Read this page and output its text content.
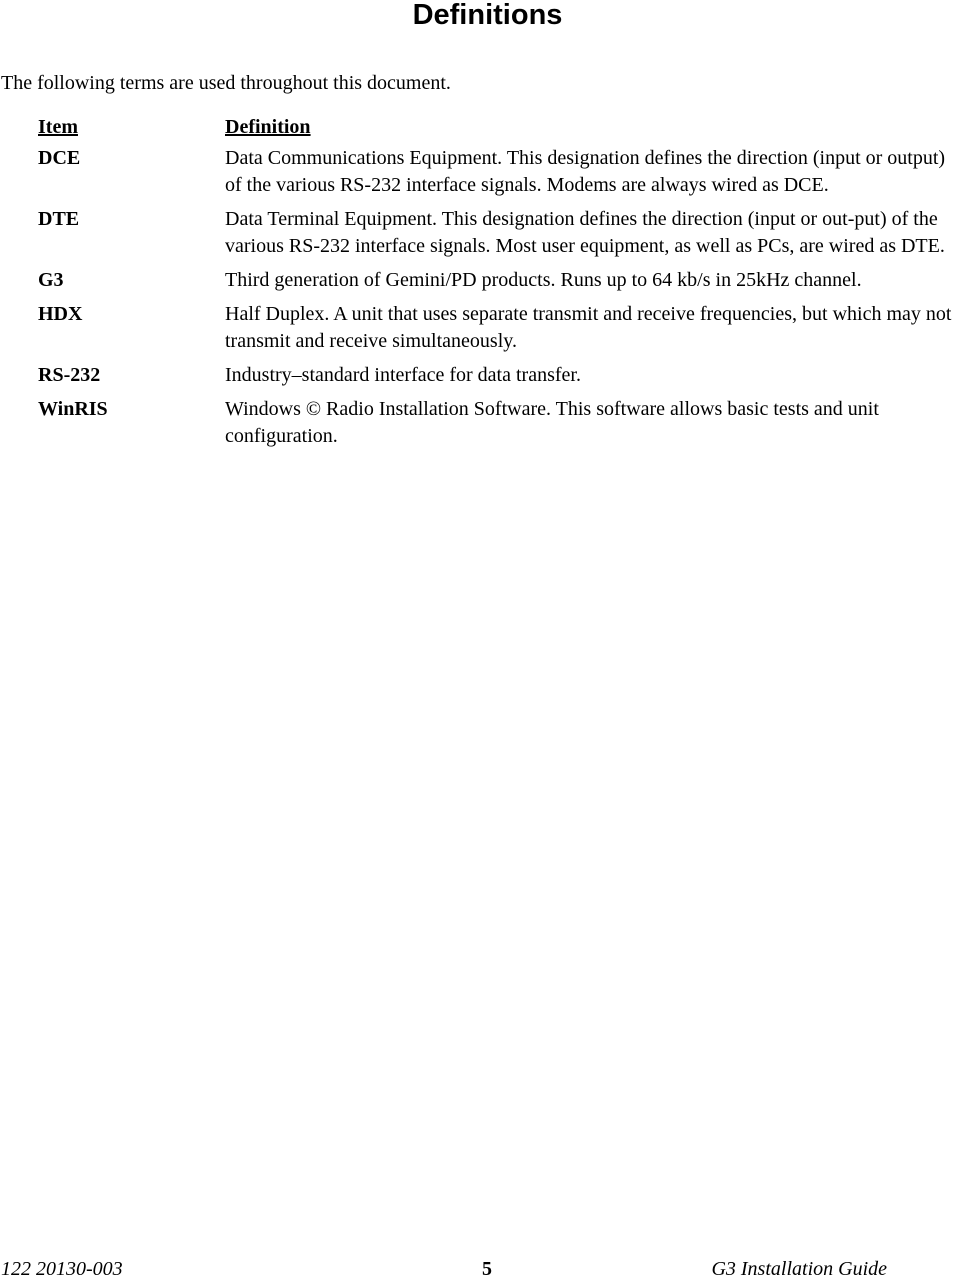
Definitions

The following terms are used throughout this document.

Item	Definition
DCE	Data Communications Equipment. This designation defines the direction (input or output) of the various RS-232 interface signals. Modems are always wired as DCE.
DTE	Data Terminal Equipment. This designation defines the direction (input or out-put) of the various RS-232 interface signals. Most user equipment, as well as PCs, are wired as DTE.
G3	Third generation of Gemini/PD products. Runs up to 64 kb/s in 25kHz channel.
HDX	Half Duplex. A unit that uses separate transmit and receive frequencies, but which may not transmit and receive simultaneously.
RS-232	Industry–standard interface for data transfer.
WinRIS	Windows © Radio Installation Software. This software allows basic tests and unit configuration.
122 20130-003	5	G3 Installation Guide
